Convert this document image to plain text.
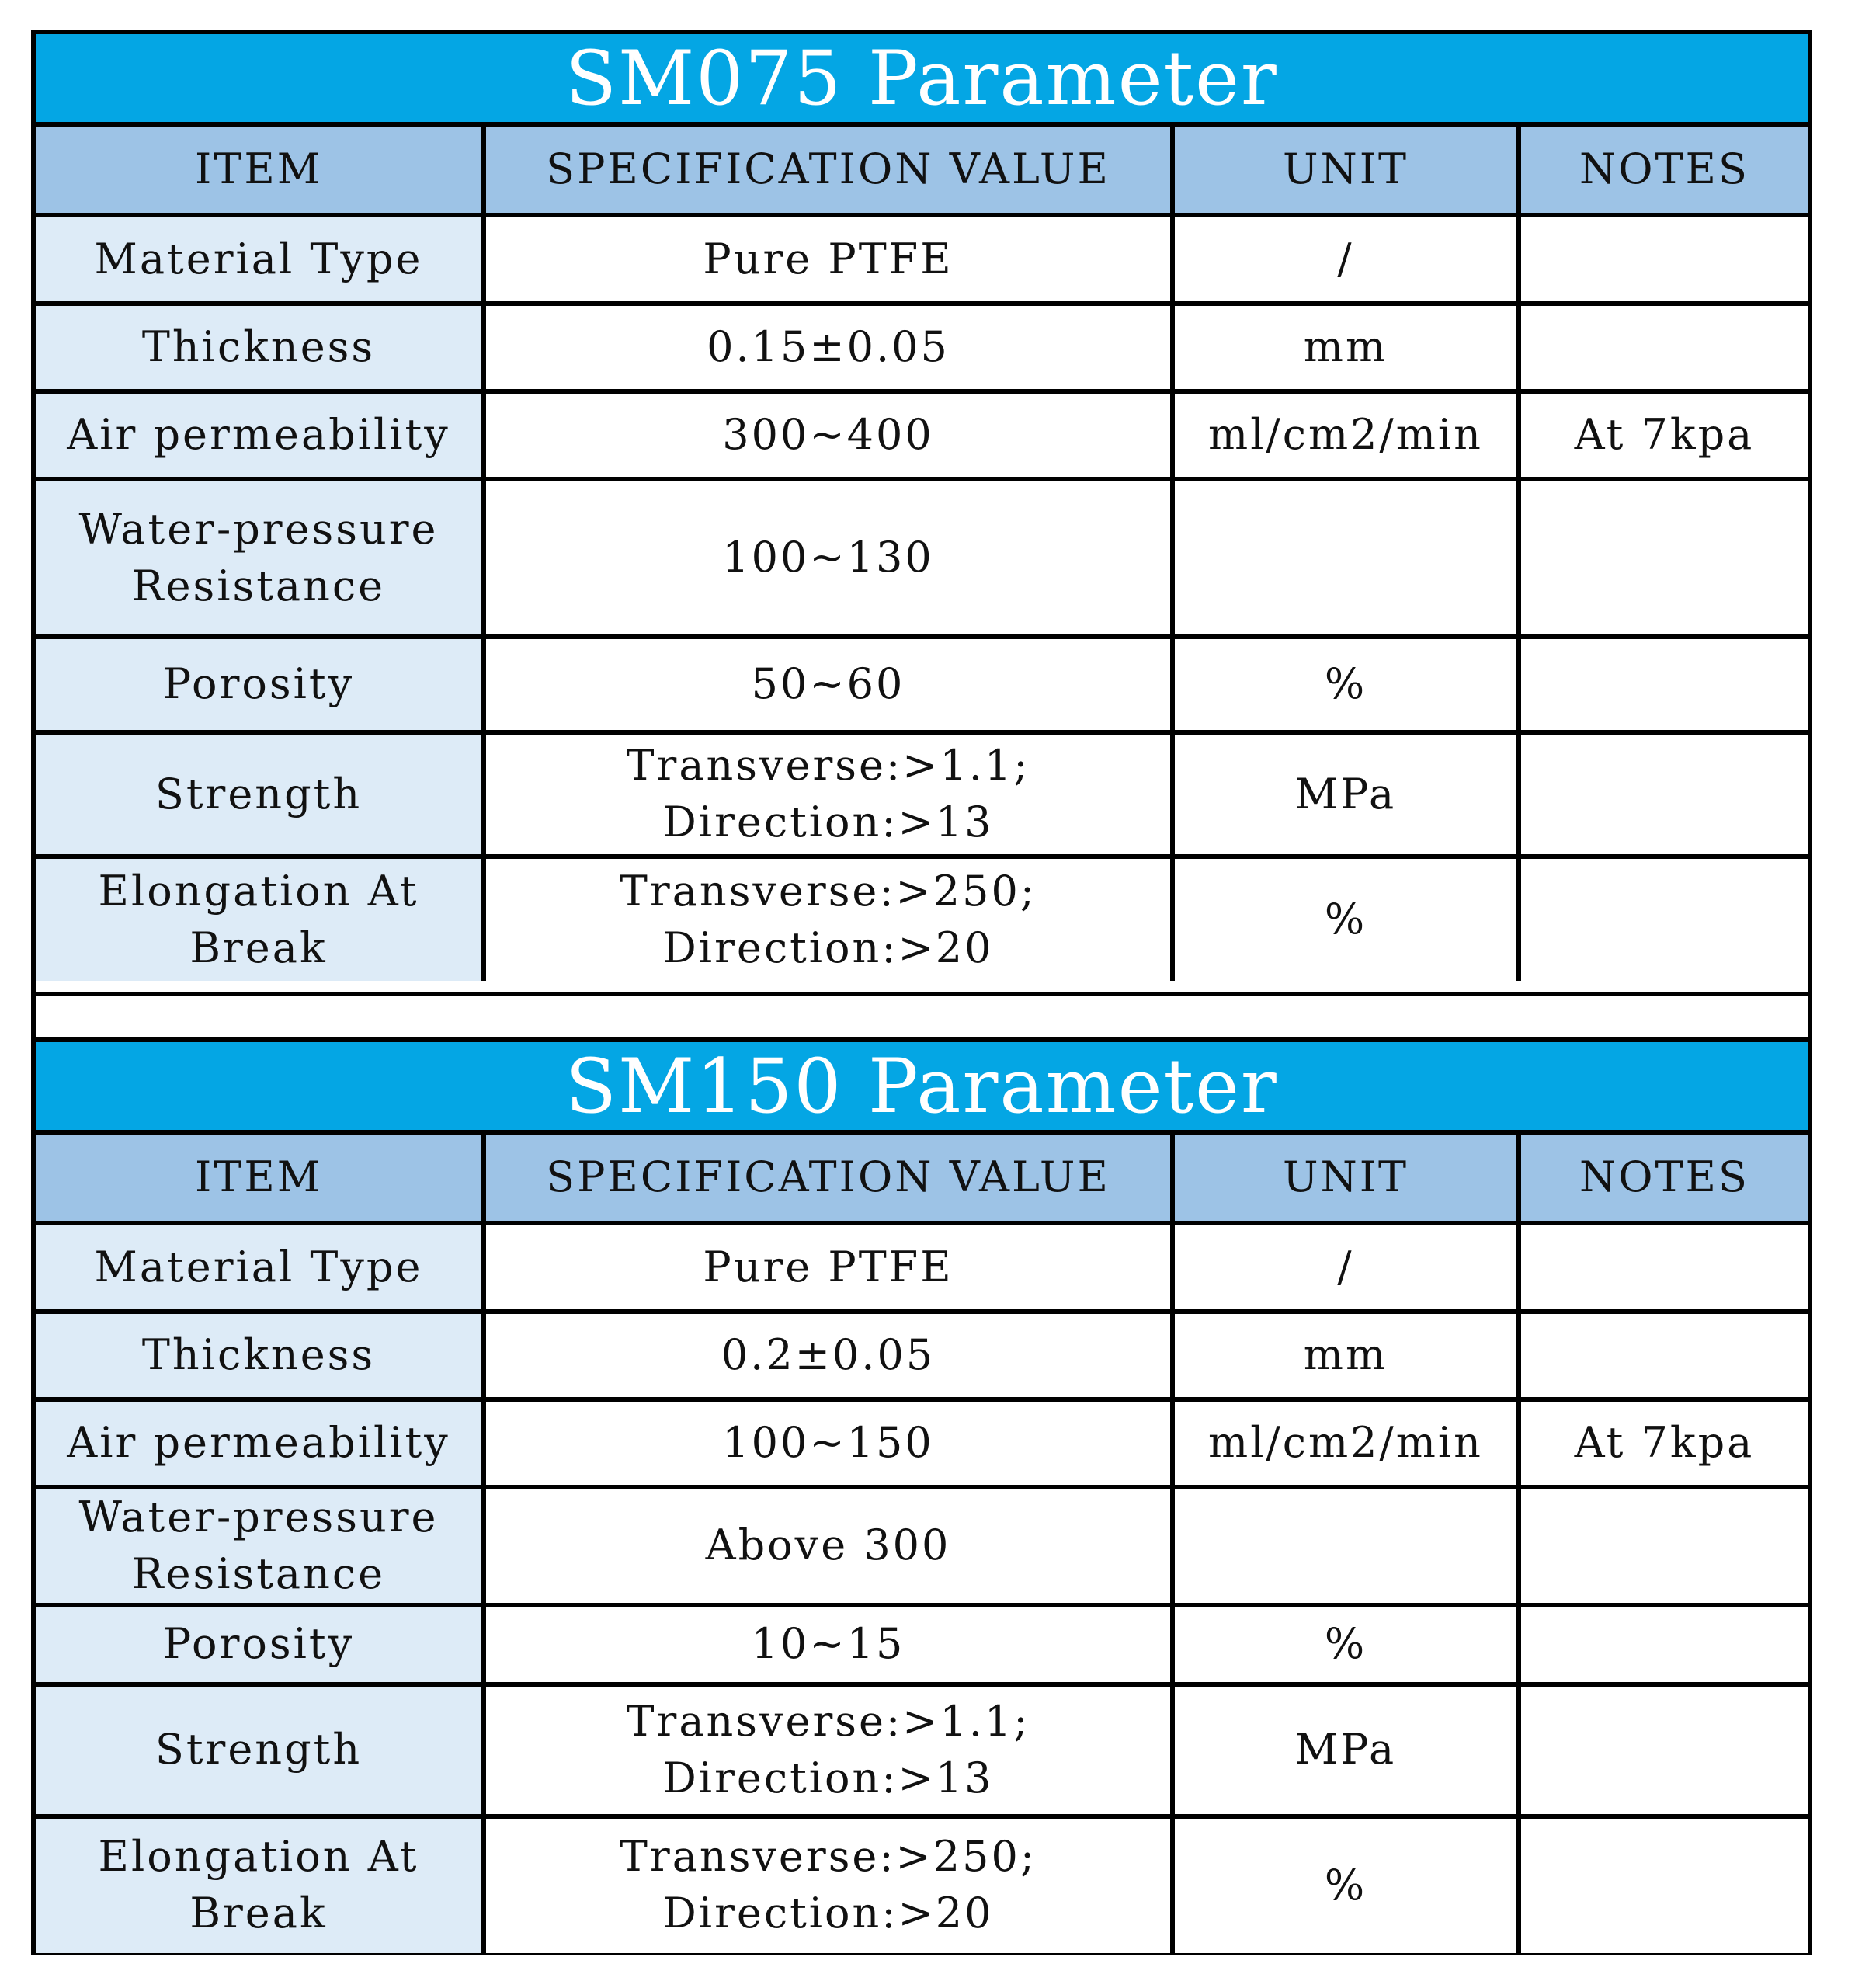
SM075 Parameter
ITEM	SPECIFICATION VALUE	UNIT	NOTES

Material Type	Pure PTFE	/	

Thickness	0.15±0.05	mm	

Air permeability	300~400	ml/cm2/min	At 7kpa

Water-pressure
Resistance	100~130		

Porosity	50~60	%	

Strength	Transverse:>1.1;
Direction:>13	MPa	

Elongation At
Break	Transverse:>250;
Direction:>20	%	
SM150 Parameter
ITEM	SPECIFICATION VALUE	UNIT	NOTES

Material Type	Pure PTFE	/	

Thickness	0.2±0.05	mm	

Air permeability	100~150	ml/cm2/min	At 7kpa

Water-pressure
Resistance	Above 300		

Porosity	10~15	%	

Strength	Transverse:>1.1;
Direction:>13	MPa	

Elongation At
Break	Transverse:>250;
Direction:>20	%	
